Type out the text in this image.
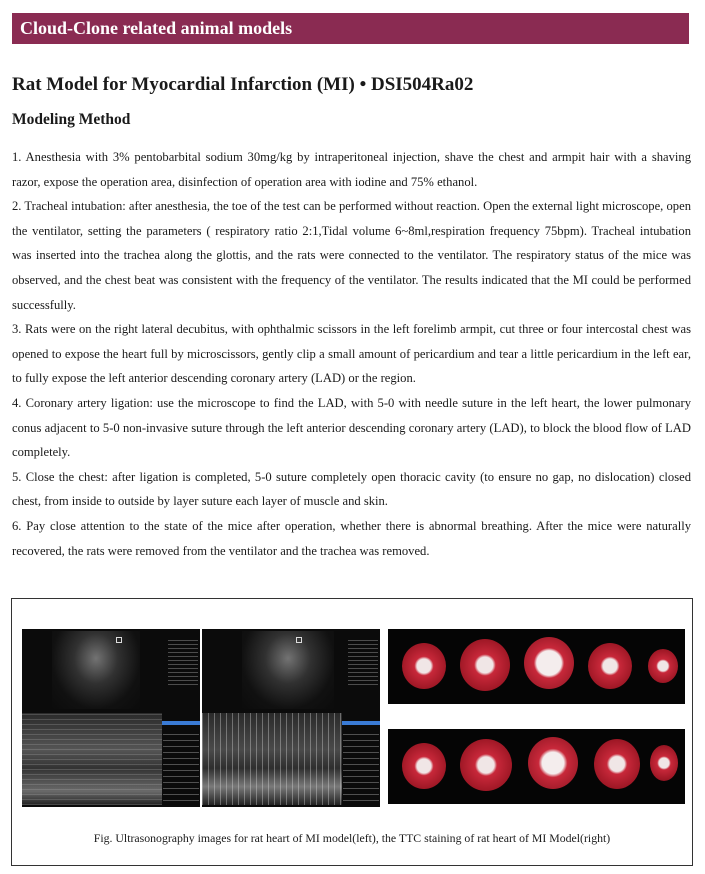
Cloud-Clone related animal models
Rat Model for Myocardial Infarction (MI) • DSI504Ra02
Modeling Method

1. Anesthesia with 3% pentobarbital sodium 30mg/kg by intraperitoneal injection, shave the chest and armpit hair with a shaving razor, expose the operation area, disinfection of operation area with iodine and 75% ethanol.

2. Tracheal intubation: after anesthesia, the toe of the test can be performed without reaction. Open the external light microscope, open the ventilator, setting the parameters ( respiratory ratio 2:1,Tidal volume 6~8ml,respiration frequency 75bpm). Tracheal intubation was inserted into the trachea along the glottis, and the rats were connected to the ventilator. The respiratory status of the mice was observed, and the chest beat was consistent with the frequency of the ventilator. The results indicated that the MI could be performed successfully.

3. Rats were on the right lateral decubitus, with ophthalmic scissors in the left forelimb armpit, cut three or four intercostal chest was opened to expose the heart full by microscissors, gently clip a small amount of pericardium and tear a little pericardium in the left ear, to fully expose the left anterior descending coronary artery (LAD) or the region.

4. Coronary artery ligation: use the microscope to find the LAD, with 5-0 with needle suture in the left heart, the lower pulmonary conus adjacent to 5-0 non-invasive suture through the left anterior descending coronary artery (LAD), to block the blood flow of LAD completely.

5. Close the chest: after ligation is completed, 5-0 suture completely open thoracic cavity (to ensure no gap, no dislocation) closed chest, from inside to outside by layer suture each layer of muscle and skin.

6. Pay close attention to the state of the mice after operation, whether there is abnormal breathing. After the mice were naturally recovered, the rats were removed from the ventilator and the trachea was removed.

Fig. Ultrasonography images for rat heart of MI model(left), the TTC staining of rat heart of MI Model(right)
